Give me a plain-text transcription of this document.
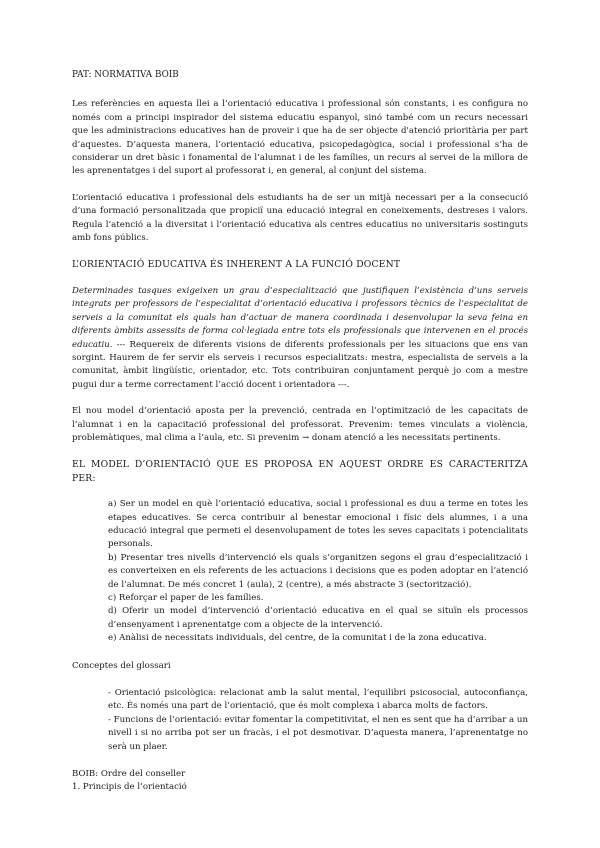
PAT: NORMATIVA BOIB

Les referències en aquesta llei a l’orientació educativa i professional són constants, i es configura no només com a principi inspirador del sistema educatiu espanyol, sinó també com un recurs necessari que les administracions educatives han de proveir i que ha de ser objecte d'atenció prioritària per part d’aquestes. D’aquesta manera, l’orientació educativa, psicopedagògica, social i professional s’ha de considerar un dret bàsic i fonamental de l’alumnat i de les famílies, un recurs al servei de la millora de les aprenentatges i del suport al professorat i, en general, al conjunt del sistema.

L’orientació educativa i professional dels estudiants ha de ser un mitjà necessari per a la consecució d’una formació personalitzada que propiciï una educació integral en coneixements, destreses i valors. Regula l’atenció a la diversitat i l’orientació educativa als centres educatius no universitaris sostinguts amb fons públics.

L’ORIENTACIÓ EDUCATIVA ÉS INHERENT A LA FUNCIÓ DOCENT

Determinades tasques exigeixen un grau d’especialització que justifiquen l’existència d’uns serveis integrats per professors de l’especialitat d’orientació educativa i professors tècnics de l’especialitat de serveis a la comunitat els quals han d’actuar de manera coordinada i desenvolupar la seva feina en diferents àmbits assessits de forma col·legiada entre tots els professionals que intervenen en el procés educatiu. --- Requereix de diferents visions de diferents professionals per les situacions que ens van sorgint. Haurem de fer servir els serveis i recursos especialitzats: mestra, especialista de serveis a la comunitat, àmbit lingüístic, orientador, etc. Tots contribuiran conjuntament perquè jo com a mestre pugui dur a terme correctament l’acció docent i orientadora ---.

El nou model d’orientació aposta per la prevenció, centrada en l’optimització de les capacitats de l’alumnat i en la capacitació professional del professorat. Prevenim: temes vinculats a violència, problemàtiques, mal clima a l’aula, etc. Si prevenim → donam atenció a les necessitats pertinents.

EL MODEL D’ORIENTACIÓ QUE ES PROPOSA EN AQUEST ORDRE ES CARACTERITZA PER:

a) Ser un model en què l’orientació educativa, social i professional es duu a terme en totes les etapes educatives. Se cerca contribuir al benestar emocional i físic dels alumnes, i a una educació integral que permeti el desenvolupament de totes les seves capacitats i potencialitats personals.

b) Presentar tres nivells d’intervenció els quals s’organitzen segons el grau d’especialització i es converteixen en els referents de les actuacions i decisions que es poden adoptar en l’atenció de l’alumnat. De més concret 1 (aula), 2 (centre), a més abstracte 3 (sectorització).

c) Reforçar el paper de les famílies.

d) Oferir un model d’intervenció d’orientació educativa en el qual se situïn els processos d’ensenyament i aprenentatge com a objecte de la intervenció.

e) Anàlisi de necessitats individuals, del centre, de la comunitat i de la zona educativa.

Conceptes del glossari

- Orientació psicològica: relacionat amb la salut mental, l’equilibri psicosocial, autoconfiança, etc. És només una part de l’orientació, que és molt complexa i abarca molts de factors.

- Funcions de l’orientació: evitar fomentar la competitivitat, el nen es sent que ha d’arribar a un nivell i si no arriba pot ser un fracàs, i el pot desmotivar. D’aquesta manera, l’aprenentatge no serà un plaer.

BOIB: Ordre del conseller

1. Principis de l’orientació
